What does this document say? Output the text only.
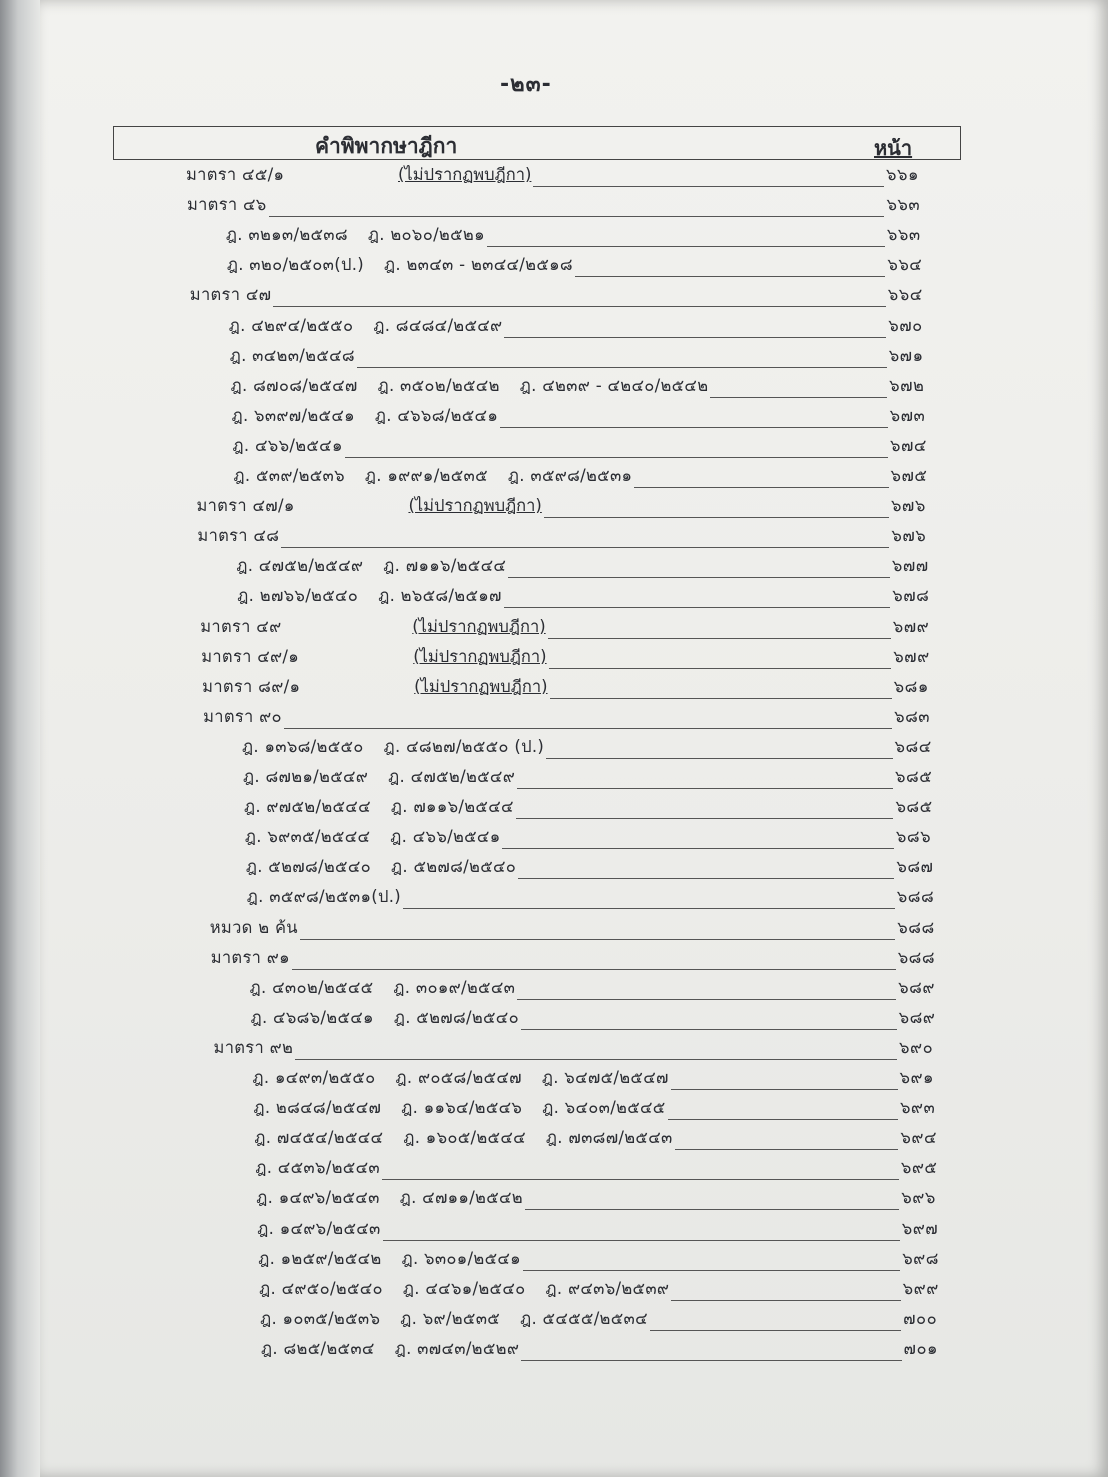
-๒๓-
คำพิพากษาฎีกา	หน้า
มาตรา ๔๕/๑	(ไม่ปรากฏพบฎีกา)	๖๖๑
มาตรา ๔๖	๖๖๓
ฎ. ๓๒๑๓/๒๕๓๘ ฎ. ๒๐๖๐/๒๕๒๑	๖๖๓
ฎ. ๓๒๐/๒๕๐๓(ป.) ฎ. ๒๓๔๓ - ๒๓๔๔/๒๕๑๘	๖๖๔
มาตรา ๔๗	๖๖๔
ฎ. ๔๒๙๔/๒๕๕๐ ฎ. ๘๔๘๔/๒๕๔๙	๖๗๐
ฎ. ๓๔๒๓/๒๕๔๘	๖๗๑
ฎ. ๘๗๐๘/๒๕๔๗ ฎ. ๓๕๐๒/๒๕๔๒ ฎ. ๔๒๓๙ - ๔๒๔๐/๒๕๔๒	๖๗๒
ฎ. ๖๓๙๗/๒๕๔๑ ฎ. ๔๖๖๘/๒๕๔๑	๖๗๓
ฎ. ๔๖๖/๒๕๔๑	๖๗๔
ฎ. ๕๓๙/๒๕๓๖ ฎ. ๑๙๙๑/๒๕๓๕ ฎ. ๓๕๙๘/๒๕๓๑	๖๗๕
มาตรา ๔๗/๑	(ไม่ปรากฏพบฎีกา)	๖๗๖
มาตรา ๔๘	๖๗๖
ฎ. ๔๗๕๒/๒๕๔๙ ฎ. ๗๑๑๖/๒๕๔๔	๖๗๗
ฎ. ๒๗๖๖/๒๕๔๐ ฎ. ๒๖๕๘/๒๕๑๗	๖๗๘
มาตรา ๔๙	(ไม่ปรากฏพบฎีกา)	๖๗๙
มาตรา ๔๙/๑	(ไม่ปรากฏพบฎีกา)	๖๗๙
มาตรา ๘๙/๑	(ไม่ปรากฏพบฎีกา)	๖๘๑
มาตรา ๙๐	๖๘๓
ฎ. ๑๓๖๘/๒๕๕๐ ฎ. ๔๘๒๗/๒๕๕๐ (ป.)	๖๘๔
ฎ. ๘๗๒๑/๒๕๔๙ ฎ. ๔๗๕๒/๒๕๔๙	๖๘๕
ฎ. ๙๗๕๒/๒๕๔๔ ฎ. ๗๑๑๖/๒๕๔๔	๖๘๕
ฎ. ๖๙๓๕/๒๕๔๔ ฎ. ๔๖๖/๒๕๔๑	๖๘๖
ฎ. ๕๒๗๘/๒๕๔๐ ฎ. ๕๒๗๘/๒๕๔๐	๖๘๗
ฎ. ๓๕๙๘/๒๕๓๑(ป.)	๖๘๘
หมวด ๒ ค้น	๖๘๘
มาตรา ๙๑	๖๘๘
ฎ. ๔๓๐๒/๒๕๔๕ ฎ. ๓๐๑๙/๒๕๔๓	๖๘๙
ฎ. ๔๖๘๖/๒๕๔๑ ฎ. ๕๒๗๘/๒๕๔๐	๖๘๙
มาตรา ๙๒	๖๙๐
ฎ. ๑๔๙๓/๒๕๕๐ ฎ. ๙๐๕๘/๒๕๔๗ ฎ. ๖๔๗๕/๒๕๔๗	๖๙๑
ฎ. ๒๘๔๘/๒๕๔๗ ฎ. ๑๑๖๔/๒๕๔๖ ฎ. ๖๔๐๓/๒๕๔๕	๖๙๓
ฎ. ๗๔๕๔/๒๕๔๔ ฎ. ๑๖๐๕/๒๕๔๔ ฎ. ๗๓๘๗/๒๕๔๓	๖๙๔
ฎ. ๔๕๓๖/๒๕๔๓	๖๙๕
ฎ. ๑๔๙๖/๒๕๔๓ ฎ. ๔๗๑๑/๒๕๔๒	๖๙๖
ฎ. ๑๔๙๖/๒๕๔๓	๖๙๗
ฎ. ๑๒๕๙/๒๕๔๒ ฎ. ๖๓๐๑/๒๕๔๑	๖๙๘
ฎ. ๔๙๕๐/๒๕๔๐ ฎ. ๔๔๖๑/๒๕๔๐ ฎ. ๙๔๓๖/๒๕๓๙	๖๙๙
ฎ. ๑๐๓๕/๒๕๓๖ ฎ. ๖๙/๒๕๓๕ ฎ. ๕๔๕๕/๒๕๓๔	๗๐๐
ฎ. ๘๒๕/๒๕๓๔ ฎ. ๓๗๔๓/๒๕๒๙	๗๐๑
